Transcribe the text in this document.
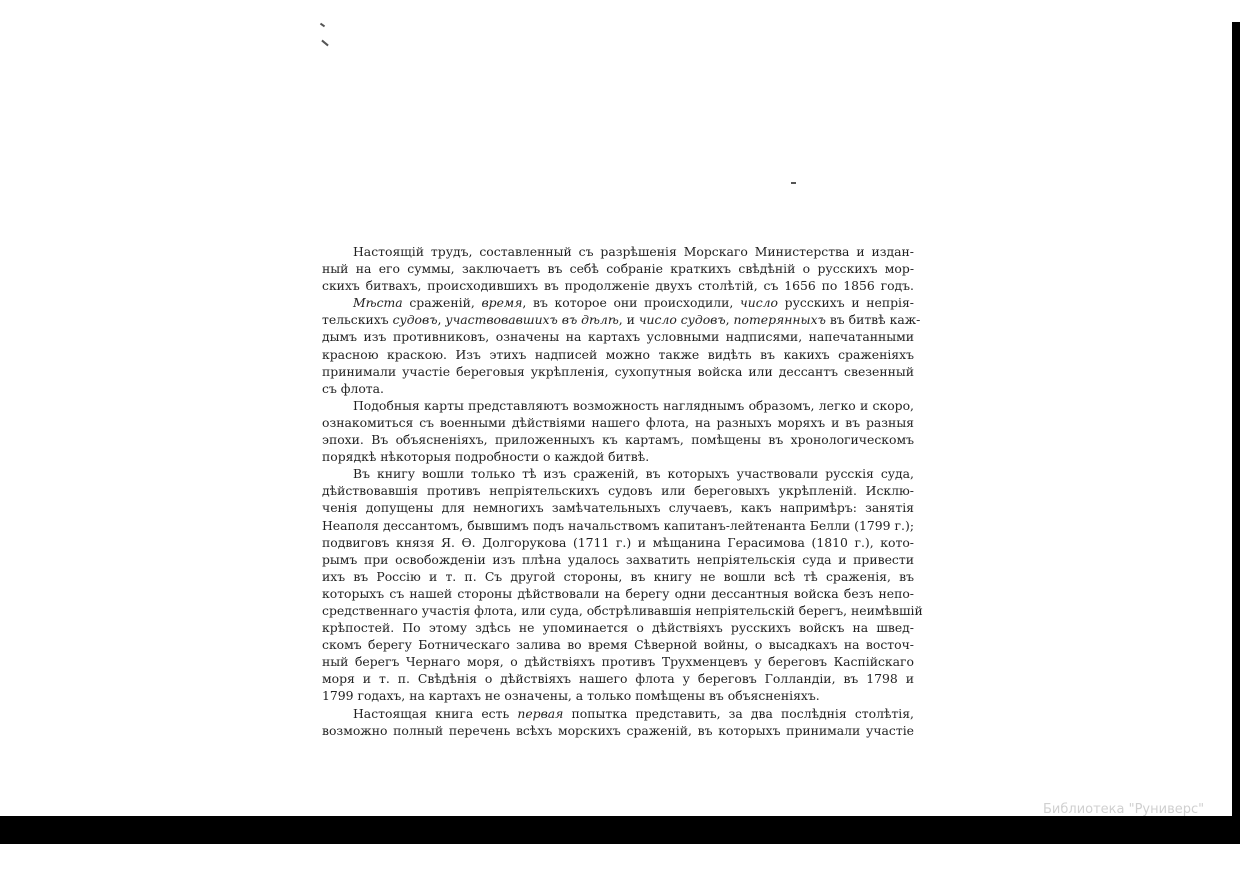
Настоящій трудъ, составленный съ разрѣшенія Морскаго Министерства и издан-
ный на его суммы, заключаетъ въ себѣ собраніе краткихъ свѣдѣній о русскихъ мор-
скихъ битвахъ, происходившихъ въ продолженіе двухъ столѣтій, съ 1656 по 1856 годъ.
Мѣста сраженій, время, въ которое они происходили, число русскихъ и непрія-
тельскихъ судовъ, участвовавшихъ въ дѣлѣ, и число судовъ, потерянныхъ въ битвѣ каж-
дымъ изъ противниковъ, означены на картахъ условными надписями, напечатанными
красною краскою. Изъ этихъ надписей можно также видѣть въ какихъ сраженіяхъ
принимали участіе береговыя укрѣпленія, сухопутныя войска или дессантъ свезенный
съ флота.
Подобныя карты представляютъ возможность нагляднымъ образомъ, легко и скоро,
ознакомиться съ военными дѣйствіями нашего флота, на разныхъ моряхъ и въ разныя
эпохи. Въ объясненіяхъ, приложенныхъ къ картамъ, помѣщены въ хронологическомъ
порядкѣ нѣкоторыя подробности о каждой битвѣ.
Въ книгу вошли только тѣ изъ сраженій, въ которыхъ участвовали русскія суда,
дѣйствовавшія противъ непріятельскихъ судовъ или береговыхъ укрѣпленій. Исклю-
ченія допущены для немногихъ замѣчательныхъ случаевъ, какъ напримѣръ: занятія
Неаполя дессантомъ, бывшимъ подъ начальствомъ капитанъ-лейтенанта Белли (1799 г.);
подвиговъ князя Я. Ѳ. Долгорукова (1711 г.) и мѣщанина Герасимова (1810 г.), кото-
рымъ при освобожденіи изъ плѣна удалось захватить непріятельскія суда и привести
ихъ въ Россію и т. п. Съ другой стороны, въ книгу не вошли всѣ тѣ сраженія, въ
которыхъ съ нашей стороны дѣйствовали на берегу одни дессантныя войска безъ непо-
средственнаго участія флота, или суда, обстрѣливавшія непріятельскій берегъ, неимѣвшій
крѣпостей. По этому здѣсь не упоминается о дѣйствіяхъ русскихъ войскъ на швед-
скомъ берегу Ботническаго залива во время Сѣверной войны, о высадкахъ на восточ-
ный берегъ Чернаго моря, о дѣйствіяхъ противъ Трухменцевъ у береговъ Каспійскаго
моря и т. п. Свѣдѣнія о дѣйствіяхъ нашего флота у береговъ Голландіи, въ 1798 и
1799 годахъ, на картахъ не означены, а только помѣщены въ объясненіяхъ.
Настоящая книга есть первая попытка представить, за два послѣднія столѣтія,
возможно полный перечень всѣхъ морскихъ сраженій, въ которыхъ принимали участіе
Библиотека "Руниверс"
